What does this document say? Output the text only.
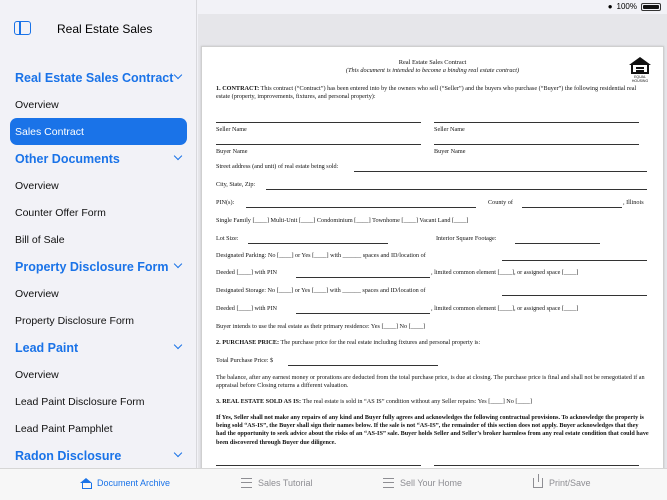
● 100%
Real Estate Sales
Real Estate Sales Contract
Overview
Sales Contract
Other Documents
Overview
Counter Offer Form
Bill of Sale
Property Disclosure Form
Overview
Property Disclosure Form
Lead Paint
Overview
Lead Paint Disclosure Form
Lead Paint Pamphlet
Radon Disclosure
Real Estate Sales Contract
(This document is intended to become a binding real estate contract)
EQUAL HOUSING
1. CONTRACT: This contract (“Contract”) has been entered into by the owners who sell (“Seller”) and the buyers who purchase (“Buyer”) the following residential real estate (property, improvements, fixtures, and personal property):
Seller Name	Seller Name
Buyer Name	Buyer Name
Street address (and unit) of real estate being sold:
City, State, Zip:
PIN(s):	County of	, Illinois
Single Family [____] Multi-Unit [____] Condominium [____] Townhome [____] Vacant Land [____]
Lot Size:	Interior Square Footage:
Designated Parking: No [____] or Yes [____] with ______ spaces and ID/location of
Deeded [____] with PIN	, limited common element [____], or assigned space [____]
Designated Storage: No [____] or Yes [____] with ______ spaces and ID/location of
Deeded [____] with PIN	, limited common element [____], or assigned space [____]
Buyer intends to use the real estate as their primary residence: Yes [____] No [____]
2. PURCHASE PRICE: The purchase price for the real estate including fixtures and personal property is:
Total Purchase Price: $
The balance, after any earnest money or prorations are deducted from the total purchase price, is due at closing. The purchase price is final and shall not be renegotiated if an appraisal before Closing returns a different valuation.
3. REAL ESTATE SOLD AS IS: The real estate is sold in “AS IS” condition without any Seller repairs: Yes [____] No [____]
If Yes, Seller shall not make any repairs of any kind and Buyer fully agrees and acknowledges the following contractual provisions. To acknowledge the property is being sold “AS-IS”, the Buyer shall sign their names below. If the sale is not “AS-IS”, the remainder of this section does not apply. Buyer acknowledges that they had the opportunity to seek advice about the risks of an “AS-IS” sale. Buyer holds Seller and Seller’s broker harmless from any real estate condition that could have been discovered through Buyer due diligence.
Document Archive	Sales Tutorial	Sell Your Home	Print/Save
